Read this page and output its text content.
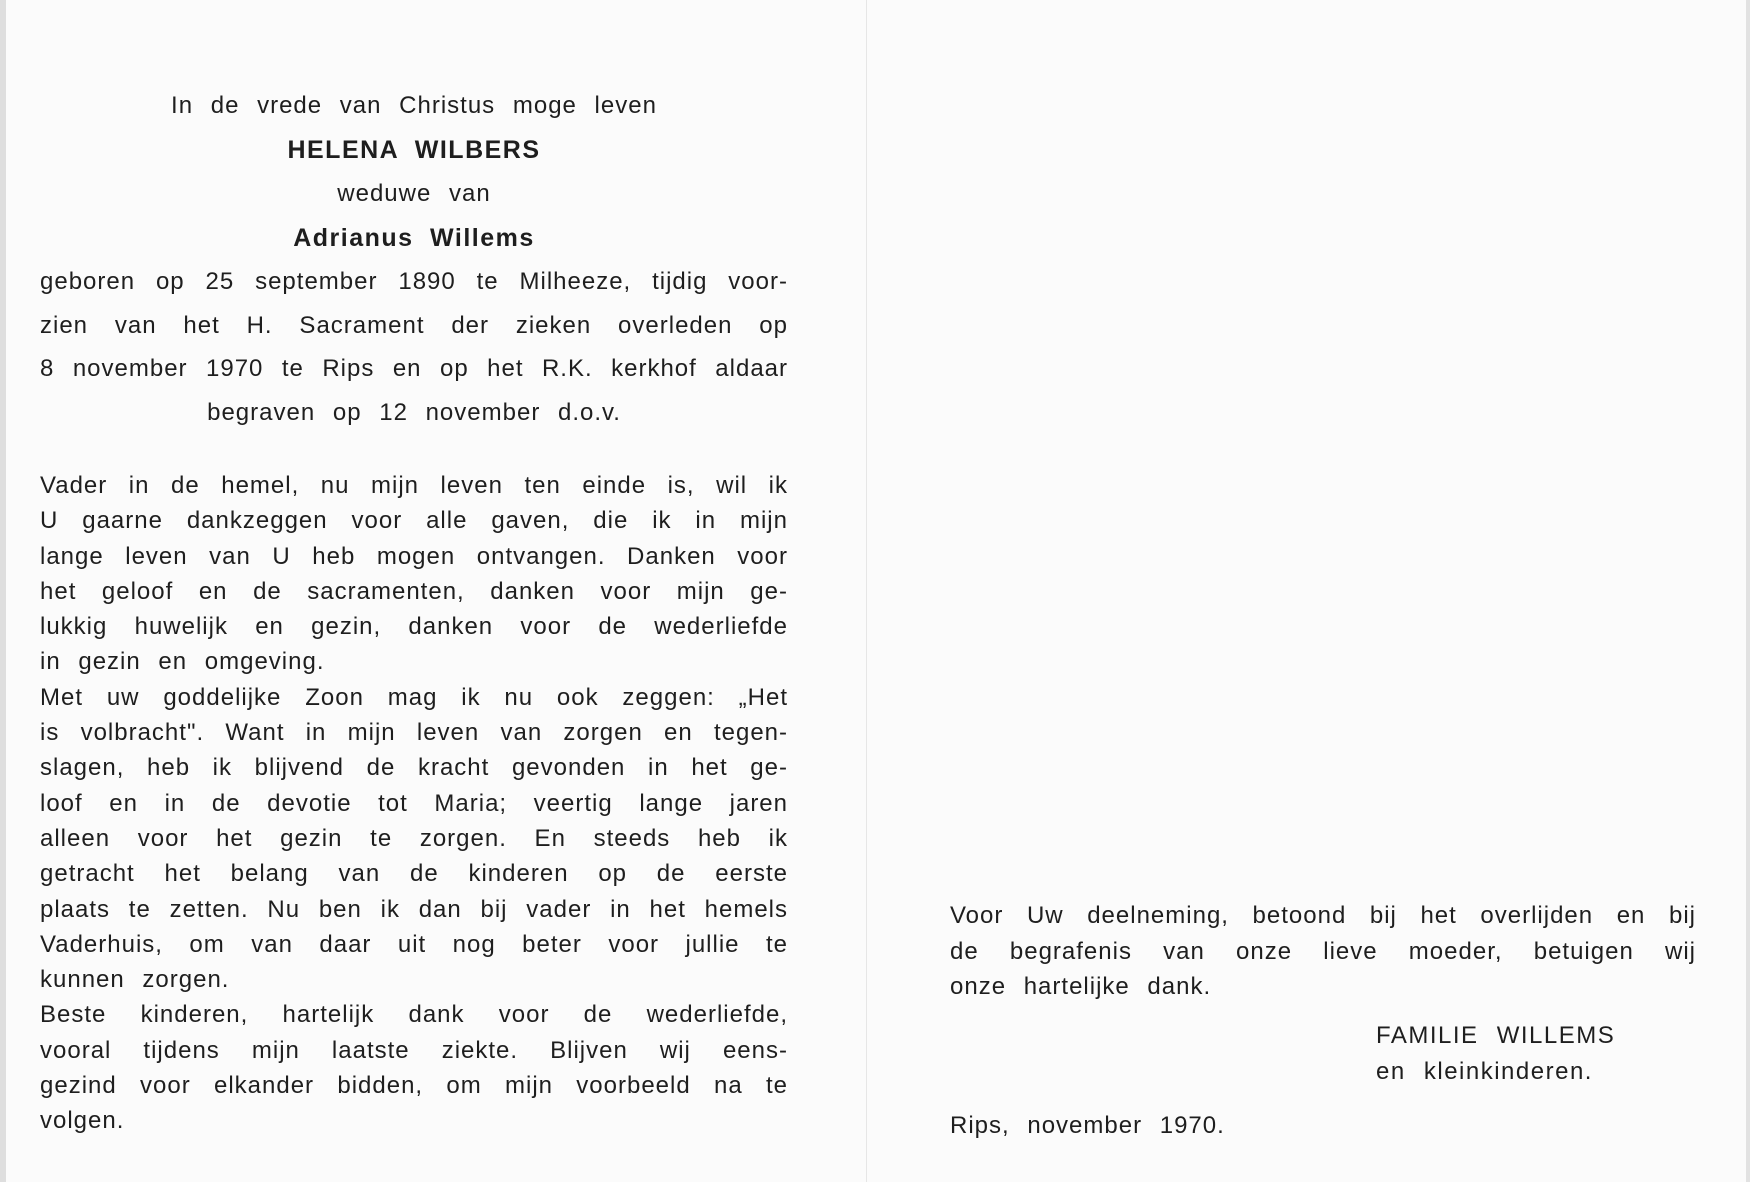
In de vrede van Christus moge leven
HELENA WILBERS
weduwe van
Adrianus Willems
geboren op 25 september 1890 te Milheeze, tijdig voor-
zien van het H. Sacrament der zieken overleden op
8 november 1970 te Rips en op het R.K. kerkhof aldaar
begraven op 12 november d.o.v.
Vader in de hemel, nu mijn leven ten einde is, wil ik
U gaarne dankzeggen voor alle gaven, die ik in mijn
lange leven van U heb mogen ontvangen. Danken voor
het geloof en de sacramenten, danken voor mijn ge-
lukkig huwelijk en gezin, danken voor de wederliefde
in gezin en omgeving.
Met uw goddelijke Zoon mag ik nu ook zeggen: „Het
is volbracht". Want in mijn leven van zorgen en tegen-
slagen, heb ik blijvend de kracht gevonden in het ge-
loof en in de devotie tot Maria; veertig lange jaren
alleen voor het gezin te zorgen. En steeds heb ik
getracht het belang van de kinderen op de eerste
plaats te zetten. Nu ben ik dan bij vader in het hemels
Vaderhuis, om van daar uit nog beter voor jullie te
kunnen zorgen.
Beste kinderen, hartelijk dank voor de wederliefde,
vooral tijdens mijn laatste ziekte. Blijven wij eens-
gezind voor elkander bidden, om mijn voorbeeld na te
volgen.
Voor Uw deelneming, betoond bij het overlijden en bij
de begrafenis van onze lieve moeder, betuigen wij
onze hartelijke dank.
FAMILIE WILLEMS
en kleinkinderen.
Rips, november 1970.
